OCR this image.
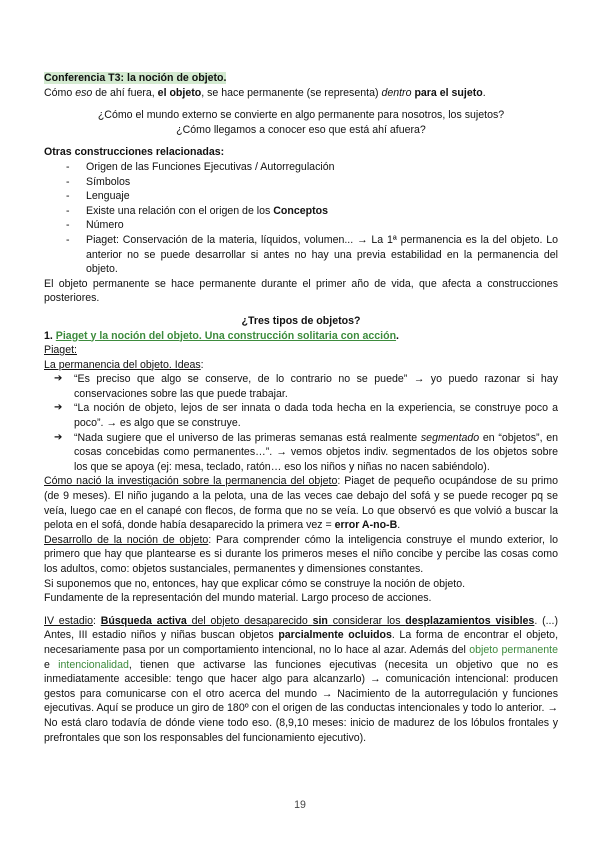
Conferencia T3: la noción de objeto.

Cómo eso de ahí fuera, el objeto, se hace permanente (se representa) dentro para el sujeto.

¿Cómo el mundo externo se convierte en algo permanente para nosotros, los sujetos?

¿Cómo llegamos a conocer eso que está ahí afuera?

Otras construcciones relacionadas:

- Origen de las Funciones Ejecutivas / Autorregulación
- Símbolos
- Lenguaje
- Existe una relación con el origen de los Conceptos
- Número
- Piaget: Conservación de la materia, líquidos, volumen... → La 1ª permanencia es la del objeto. Lo anterior no se puede desarrollar si antes no hay una previa estabilidad en la permanencia del objeto.

El objeto permanente se hace permanente durante el primer año de vida, que afecta a construcciones posteriores.

¿Tres tipos de objetos?

1. Piaget y la noción del objeto. Una construcción solitaria con acción.

Piaget:

La permanencia del objeto. Ideas:

➔ “Es preciso que algo se conserve, de lo contrario no se puede” → yo puedo razonar si hay conservaciones sobre las que puede trabajar.
➔ “La noción de objeto, lejos de ser innata o dada toda hecha en la experiencia, se construye poco a poco”. → es algo que se construye.
➔ “Nada sugiere que el universo de las primeras semanas está realmente segmentado en “objetos”, en cosas concebidas como permanentes…”. → vemos objetos indiv. segmentados de los objetos sobre los que se apoya (ej: mesa, teclado, ratón… eso los niños y niñas no nacen sabiéndolo).

Cómo nació la investigación sobre la permanencia del objeto: Piaget de pequeño ocupándose de su primo (de 9 meses). El niño jugando a la pelota, una de las veces cae debajo del sofá y se puede recoger pq se veía, luego cae en el canapé con flecos, de forma que no se veía. Lo que observó es que volvió a buscar la pelota en el sofá, donde había desaparecido la primera vez = error A-no-B.

Desarrollo de la noción de objeto: Para comprender cómo la inteligencia construye el mundo exterior, lo primero que hay que plantearse es si durante los primeros meses el niño concibe y percibe las cosas como los adultos, como: objetos sustanciales, permanentes y dimensiones constantes.

Si suponemos que no, entonces, hay que explicar cómo se construye la noción de objeto.

Fundamente de la representación del mundo material. Largo proceso de acciones.

IV estadio: Búsqueda activa del objeto desaparecido sin considerar los desplazamientos visibles. (...) Antes, III estadio niños y niñas buscan objetos parcialmente ocluidos. La forma de encontrar el objeto, necesariamente pasa por un comportamiento intencional, no lo hace al azar. Además del objeto permanente e intencionalidad, tienen que activarse las funciones ejecutivas (necesita un objetivo que no es inmediatamente accesible: tengo que hacer algo para alcanzarlo) → comunicación intencional: producen gestos para comunicarse con el otro acerca del mundo → Nacimiento de la autorregulación y funciones ejecutivas. Aquí se produce un giro de 180º con el origen de las conductas intencionales y todo lo anterior. → No está claro todavía de dónde viene todo eso. (8,9,10 meses: inicio de madurez de los lóbulos frontales y prefrontales que son los responsables del funcionamiento ejecutivo).

19
